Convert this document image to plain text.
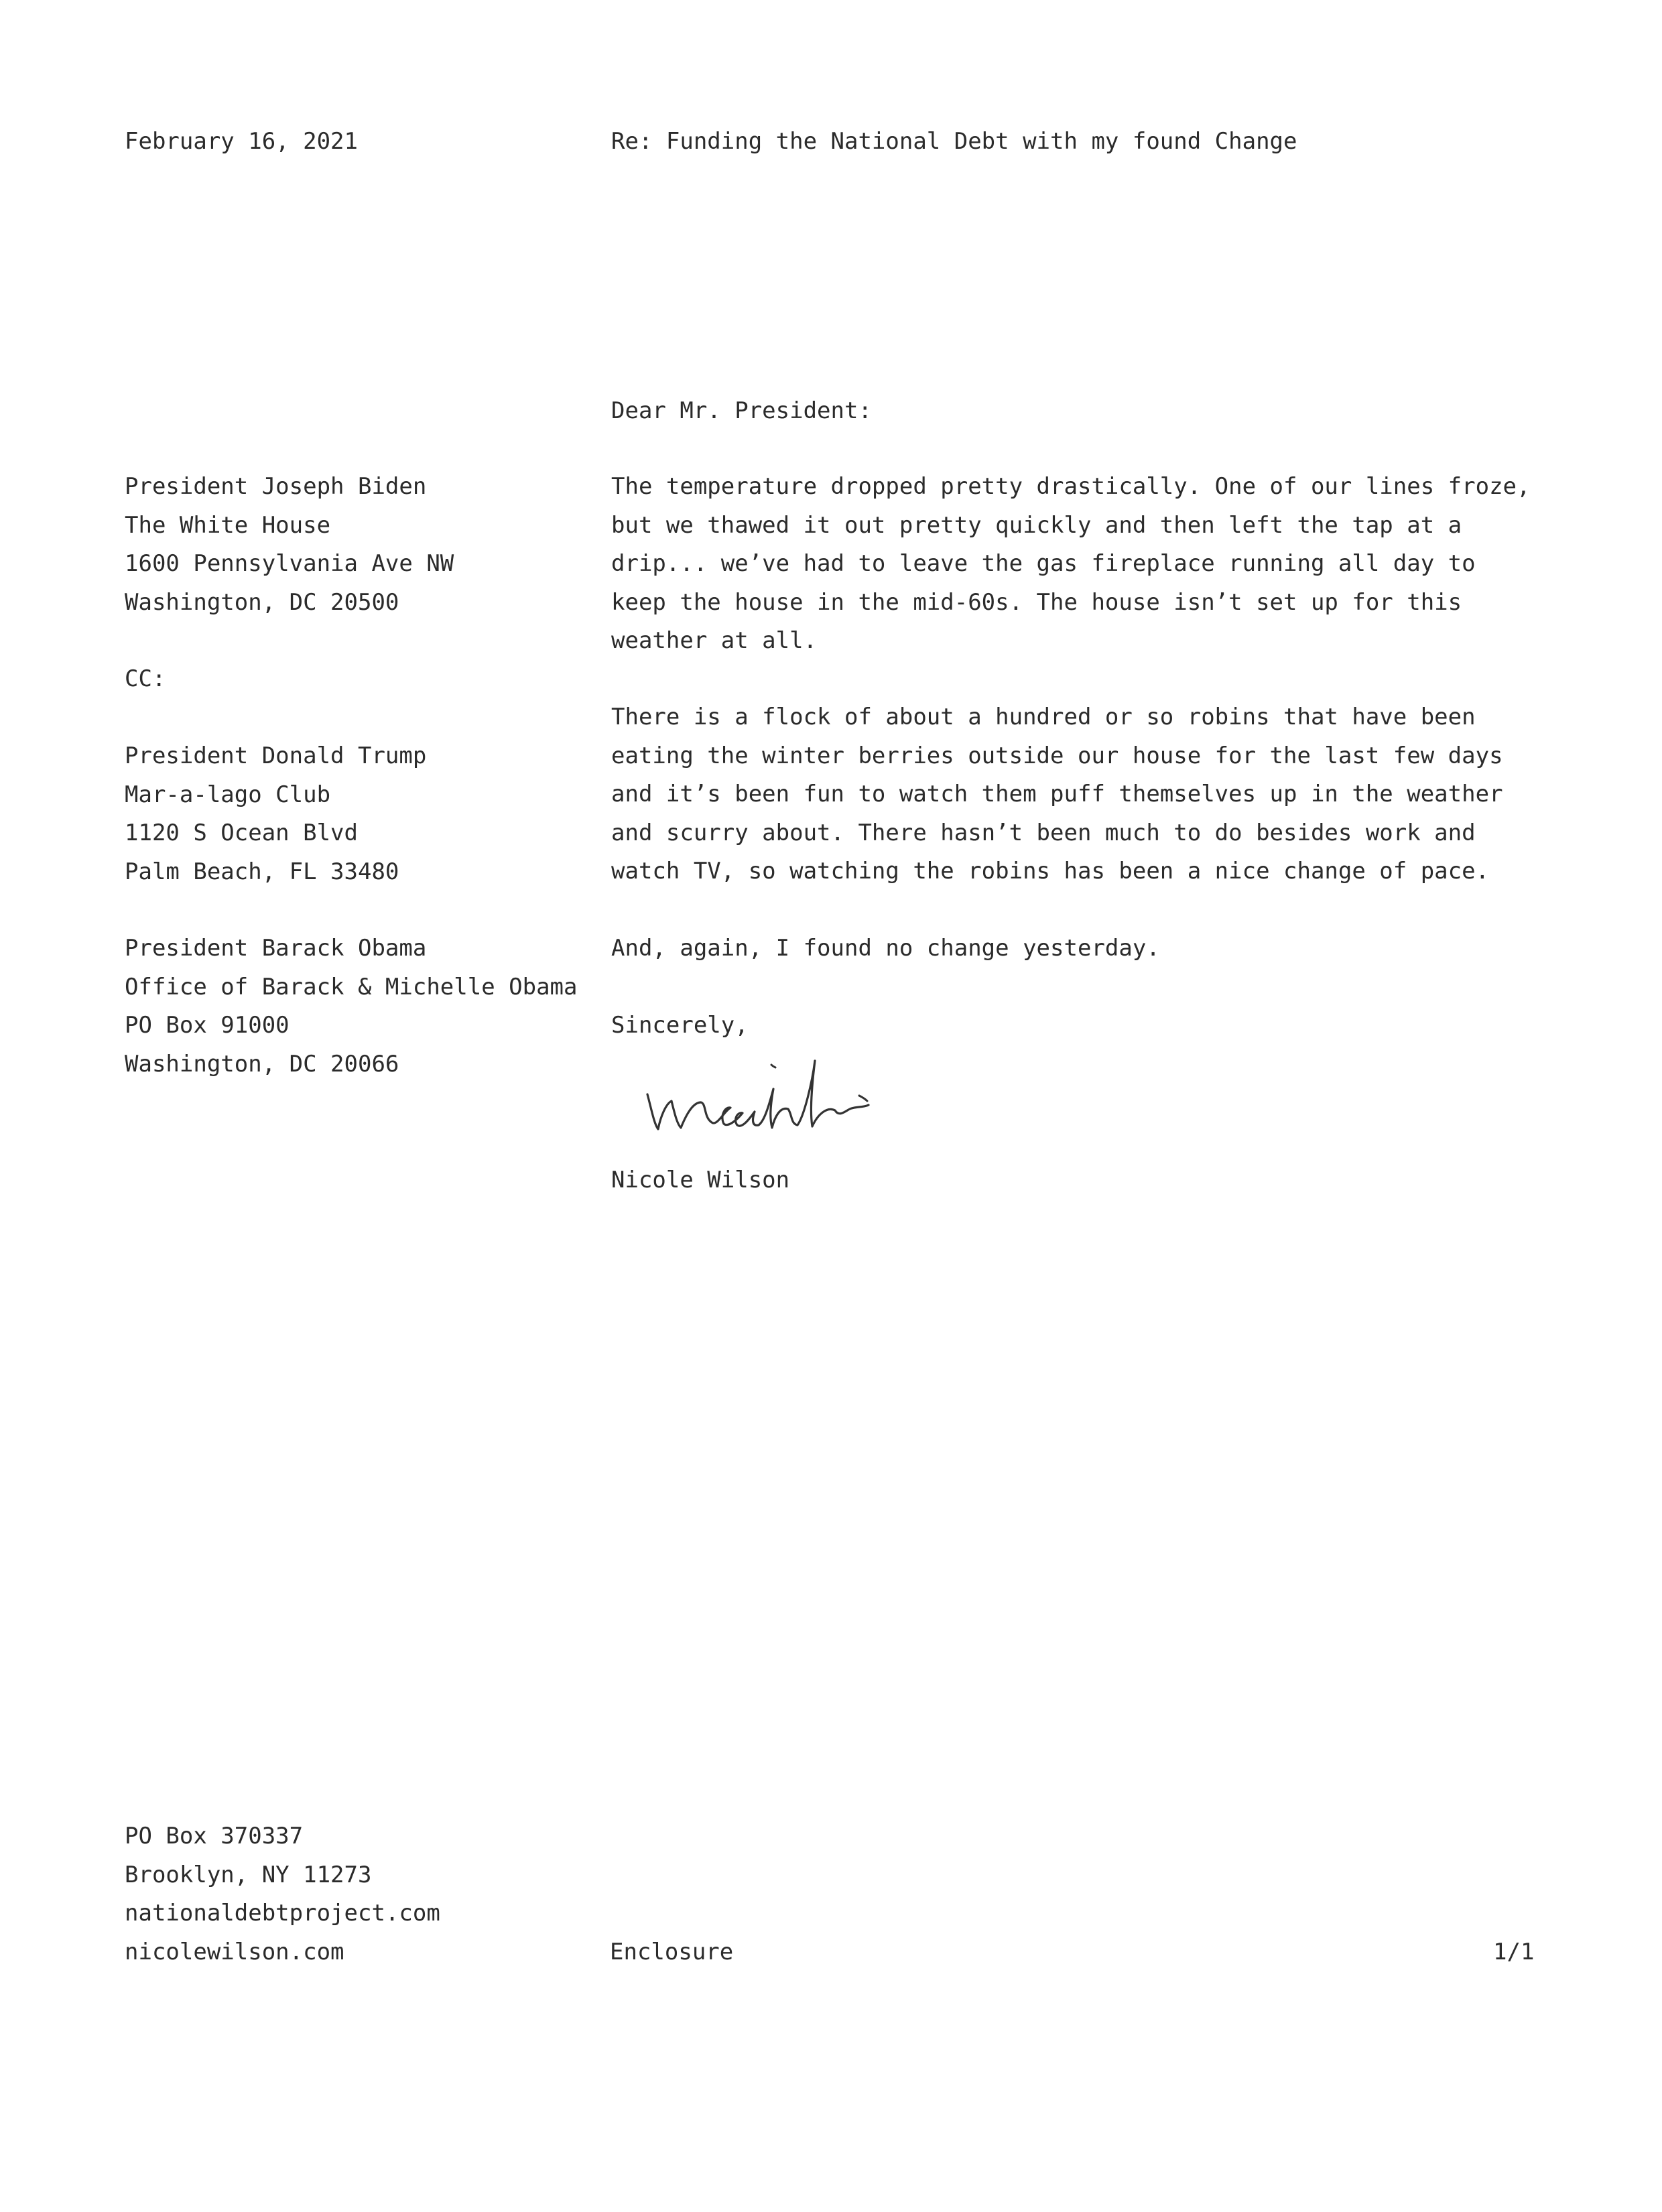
February 16, 2021	Re: Funding the National Debt with my found Change
President Joseph Biden
The White House
1600 Pennsylvania Ave NW
Washington, DC 20500
CC:
President Donald Trump
Mar-a-lago Club
1120 S Ocean Blvd
Palm Beach, FL 33480
President Barack Obama
Office of Barack & Michelle Obama
PO Box 91000
Washington, DC 20066
Dear Mr. President:
The temperature dropped pretty drastically. One of our lines froze,
but we thawed it out pretty quickly and then left the tap at a
drip... we’ve had to leave the gas fireplace running all day to
keep the house in the mid-60s. The house isn’t set up for this
weather at all.
There is a flock of about a hundred or so robins that have been
eating the winter berries outside our house for the last few days
and it’s been fun to watch them puff themselves up in the weather
and scurry about. There hasn’t been much to do besides work and
watch TV, so watching the robins has been a nice change of pace.
And, again, I found no change yesterday.
Sincerely,
Nicole Wilson
PO Box 370337
Brooklyn, NY 11273
nationaldebtproject.com
nicolewilson.com	Enclosure	1/1
